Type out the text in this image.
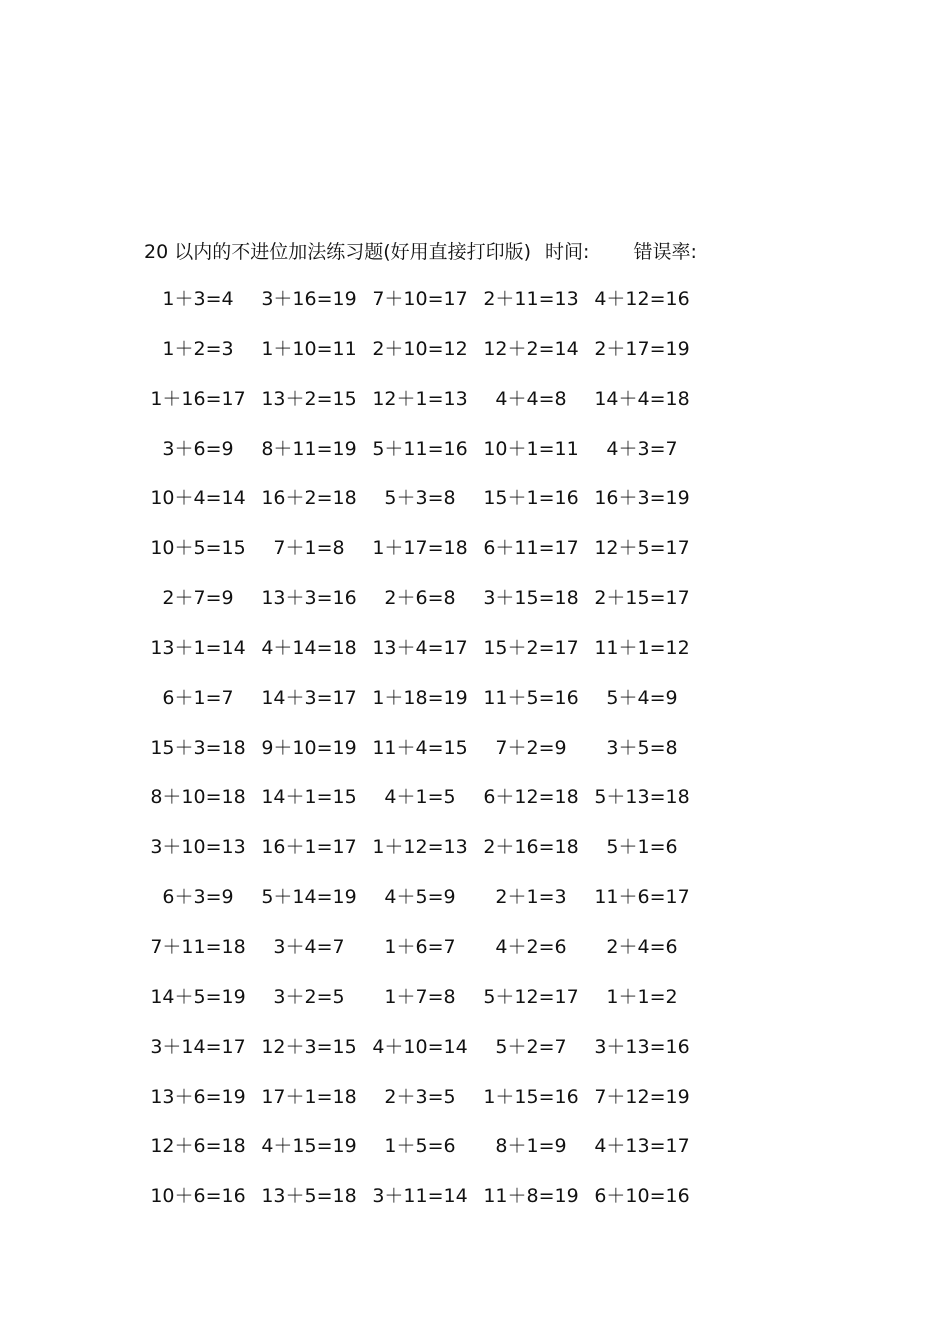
20 以内的不进位加法练习题(好用直接打印版) 时间: 错误率:
1＋3=4	3＋16=19 7＋10=17 2＋11=13 4＋12=16
1＋2=3	1＋10=11 2＋10=12 12＋2=14 2＋17=19
1＋16=17 13＋2=15 12＋1=13	4＋4=8	14＋4=18
3＋6=9	8＋11=19 5＋11=16 10＋1=11	4＋3=7
10＋4=14 16＋2=18	5＋3=8	15＋1=16 16＋3=19
10＋5=15	7＋1=8	1＋17=18 6＋11=17 12＋5=17
2＋7=9	13＋3=16	2＋6=8	3＋15=18 2＋15=17
13＋1=14 4＋14=18 13＋4=17 15＋2=17 11＋1=12
6＋1=7	14＋3=17 1＋18=19 11＋5=16	5＋4=9
15＋3=18 9＋10=19 11＋4=15	7＋2=9	3＋5=8
8＋10=18 14＋1=15	4＋1=5	6＋12=18 5＋13=18
3＋10=13 16＋1=17 1＋12=13 2＋16=18	5＋1=6
6＋3=9	5＋14=19	4＋5=9	2＋1=3	11＋6=17
7＋11=18	3＋4=7	1＋6=7	4＋2=6	2＋4=6
14＋5=19	3＋2=5	1＋7=8	5＋12=17	1＋1=2
3＋14=17 12＋3=15 4＋10=14	5＋2=7	3＋13=16
13＋6=19 17＋1=18	2＋3=5	1＋15=16 7＋12=19
12＋6=18 4＋15=19	1＋5=6	8＋1=9	4＋13=17
10＋6=16 13＋5=18 3＋11=14 11＋8=19 6＋10=16
